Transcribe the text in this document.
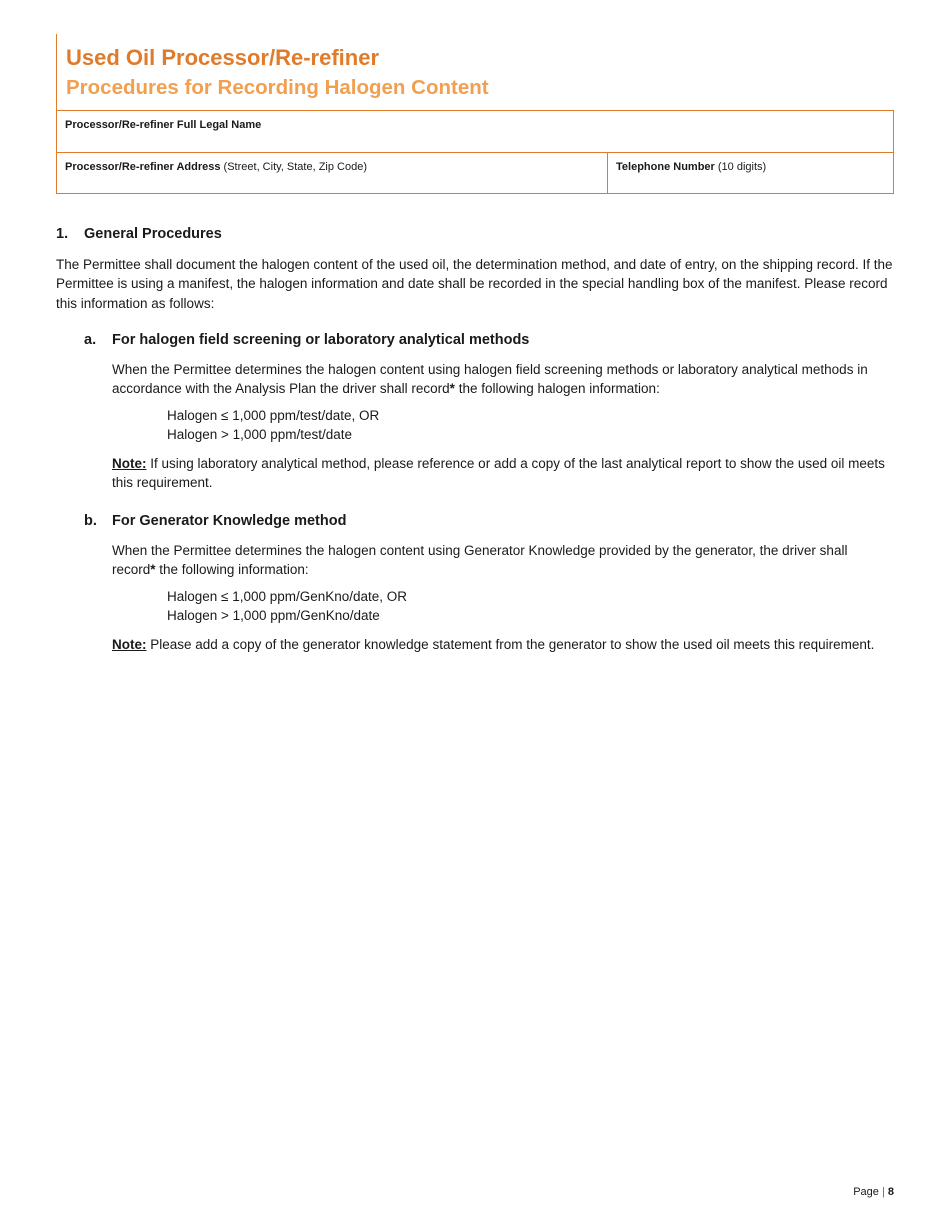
Used Oil Processor/Re-refiner
Procedures for Recording Halogen Content
Processor/Re-refiner Full Legal Name
Processor/Re-refiner Address (Street, City, State, Zip Code)	Telephone Number (10 digits)
1. General Procedures

The Permittee shall document the halogen content of the used oil, the determination method, and date of entry, on the shipping record. If the Permittee is using a manifest, the halogen information and date shall be recorded in the special handling box of the manifest. Please record this information as follows:

a. For halogen field screening or laboratory analytical methods

When the Permittee determines the halogen content using halogen field screening methods or laboratory analytical methods in accordance with the Analysis Plan the driver shall record* the following halogen information:

Halogen ≤ 1,000 ppm/test/date, OR
Halogen > 1,000 ppm/test/date

Note: If using laboratory analytical method, please reference or add a copy of the last analytical report to show the used oil meets this requirement.

b. For Generator Knowledge method

When the Permittee determines the halogen content using Generator Knowledge provided by the generator, the driver shall record* the following information:

Halogen ≤ 1,000 ppm/GenKno/date, OR
Halogen > 1,000 ppm/GenKno/date

Note: Please add a copy of the generator knowledge statement from the generator to show the used oil meets this requirement.

Page | 8
